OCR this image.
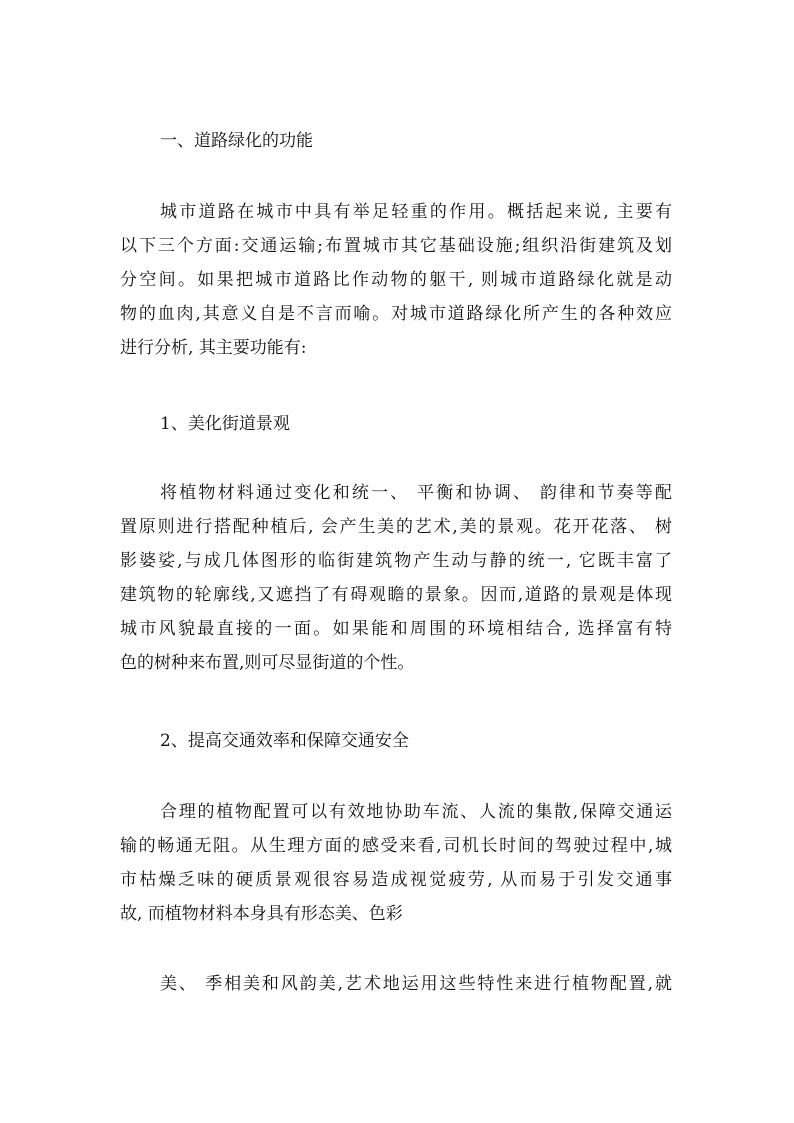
一、道路绿化的功能
城市道路在城市中具有举足轻重的作用。概括起来说, 主要有
以下三个方面:交通运输;布置城市其它基础设施;组织沿街建筑及划
分空间。如果把城市道路比作动物的躯干, 则城市道路绿化就是动
物的血肉,其意义自是不言而喻。对城市道路绿化所产生的各种效应
进行分析, 其主要功能有:
1、美化街道景观
将植物材料通过变化和统一、 平衡和协调、 韵律和节奏等配
置原则进行搭配种植后, 会产生美的艺术,美的景观。花开花落、 树
影婆娑,与成几体图形的临街建筑物产生动与静的统一, 它既丰富了
建筑物的轮廓线,又遮挡了有碍观瞻的景象。因而,道路的景观是体现
城市风貌最直接的一面。如果能和周围的环境相结合, 选择富有特
色的树种来布置,则可尽显街道的个性。
2、提高交通效率和保障交通安全
合理的植物配置可以有效地协助车流、人流的集散,保障交通运
输的畅通无阻。从生理方面的感受来看,司机长时间的驾驶过程中,城
市枯燥乏味的硬质景观很容易造成视觉疲劳, 从而易于引发交通事
故, 而植物材料本身具有形态美、色彩
美、 季相美和风韵美,艺术地运用这些特性来进行植物配置,就
